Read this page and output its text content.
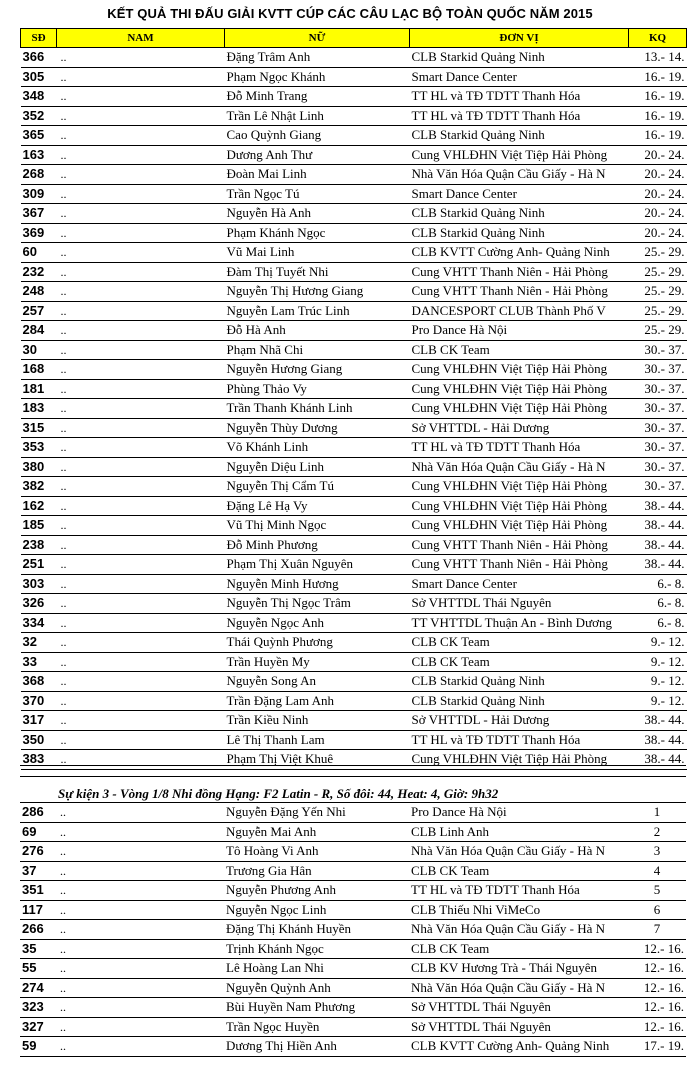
KẾT QUẢ THI ĐẤU GIẢI KVTT CÚP CÁC CÂU LẠC BỘ TOÀN QUỐC NĂM 2015
SĐ	NAM	NỮ	ĐƠN VỊ	KQ
366	..	Đặng Trâm Anh	CLB Starkid Quảng Ninh	13.- 14.
305	..	Phạm Ngọc Khánh	Smart Dance Center	16.- 19.
348	..	Đỗ Minh Trang	TT HL và TĐ TDTT Thanh Hóa	16.- 19.
352	..	Trần Lê Nhật Linh	TT HL và TĐ TDTT Thanh Hóa	16.- 19.
365	..	Cao Quỳnh Giang	CLB Starkid Quảng Ninh	16.- 19.
163	..	Dương Anh Thư	Cung VHLĐHN Việt Tiệp Hải Phòng	20.- 24.
268	..	Đoàn Mai Linh	Nhà Văn Hóa Quận Cầu Giấy - Hà N	20.- 24.
309	..	Trần Ngọc Tú	Smart Dance Center	20.- 24.
367	..	Nguyễn Hà Anh	CLB Starkid Quảng Ninh	20.- 24.
369	..	Phạm Khánh Ngọc	CLB Starkid Quảng Ninh	20.- 24.
60	..	Vũ Mai Linh	CLB KVTT Cường Anh- Quảng Ninh	25.- 29.
232	..	Đàm Thị Tuyết Nhi	Cung VHTT Thanh Niên - Hải Phòng	25.- 29.
248	..	Nguyễn Thị Hương Giang	Cung VHTT Thanh Niên - Hải Phòng	25.- 29.
257	..	Nguyễn Lam Trúc Linh	DANCESPORT CLUB Thành Phố V	25.- 29.
284	..	Đỗ Hà Anh	Pro Dance Hà Nội	25.- 29.
30	..	Phạm Nhã Chi	CLB CK Team	30.- 37.
168	..	Nguyễn Hương Giang	Cung VHLĐHN Việt Tiệp Hải Phòng	30.- 37.
181	..	Phùng Thảo Vy	Cung VHLĐHN Việt Tiệp Hải Phòng	30.- 37.
183	..	Trần Thanh Khánh Linh	Cung VHLĐHN Việt Tiệp Hải Phòng	30.- 37.
315	..	Nguyễn Thùy Dương	Sở VHTTDL - Hải Dương	30.- 37.
353	..	Võ Khánh Linh	TT HL và TĐ TDTT Thanh Hóa	30.- 37.
380	..	Nguyễn Diệu Linh	Nhà Văn Hóa Quận Cầu Giấy - Hà N	30.- 37.
382	..	Nguyễn Thị Cẩm Tú	Cung VHLĐHN Việt Tiệp Hải Phòng	30.- 37.
162	..	Đặng Lê Hạ Vy	Cung VHLĐHN Việt Tiệp Hải Phòng	38.- 44.
185	..	Vũ Thị Minh Ngọc	Cung VHLĐHN Việt Tiệp Hải Phòng	38.- 44.
238	..	Đỗ Minh Phương	Cung VHTT Thanh Niên - Hải Phòng	38.- 44.
251	..	Phạm Thị Xuân Nguyên	Cung VHTT Thanh Niên - Hải Phòng	38.- 44.
303	..	Nguyễn Minh Hương	Smart Dance Center	6.- 8.
326	..	Nguyễn Thị Ngọc Trâm	Sở VHTTDL Thái Nguyên	6.- 8.
334	..	Nguyễn Ngọc Anh	TT VHTTDL Thuận An - Bình Dương	6.- 8.
32	..	Thái Quỳnh Phương	CLB CK Team	9.- 12.
33	..	Trần Huyền My	CLB CK Team	9.- 12.
368	..	Nguyễn Song An	CLB Starkid Quảng Ninh	9.- 12.
370	..	Trần Đặng Lam Anh	CLB Starkid Quảng Ninh	9.- 12.
317	..	Trần Kiều Ninh	Sở VHTTDL - Hải Dương	38.- 44.
350	..	Lê Thị Thanh Lam	TT HL và TĐ TDTT Thanh Hóa	38.- 44.
383	..	Phạm Thị Việt Khuê	Cung VHLĐHN Việt Tiệp Hải Phòng	38.- 44.
Sự kiện 3 - Vòng 1/8 Nhi đồng Hạng: F2 Latin - R, Số đôi: 44, Heat: 4, Giờ: 9h32
286	..	Nguyễn Đặng Yến Nhi	Pro Dance Hà Nội	1
69	..	Nguyễn Mai Anh	CLB Linh Anh	2
276	..	Tô Hoàng Vi Anh	Nhà Văn Hóa Quận Cầu Giấy - Hà N	3
37	..	Trương Gia Hân	CLB CK Team	4
351	..	Nguyễn Phương Anh	TT HL và TĐ TDTT Thanh Hóa	5
117	..	Nguyễn Ngọc Linh	CLB Thiếu Nhi ViMeCo	6
266	..	Đặng Thị Khánh Huyền	Nhà Văn Hóa Quận Cầu Giấy - Hà N	7
35	..	Trịnh Khánh Ngọc	CLB CK Team	12.- 16.
55	..	Lê Hoàng Lan Nhi	CLB KV Hương Trà - Thái Nguyên	12.- 16.
274	..	Nguyễn Quỳnh Anh	Nhà Văn Hóa Quận Cầu Giấy - Hà N	12.- 16.
323	..	Bùi Huyền Nam Phương	Sở VHTTDL Thái Nguyên	12.- 16.
327	..	Trần Ngọc Huyền	Sở VHTTDL Thái Nguyên	12.- 16.
59	..	Dương Thị Hiền Anh	CLB KVTT Cường Anh- Quảng Ninh	17.- 19.
